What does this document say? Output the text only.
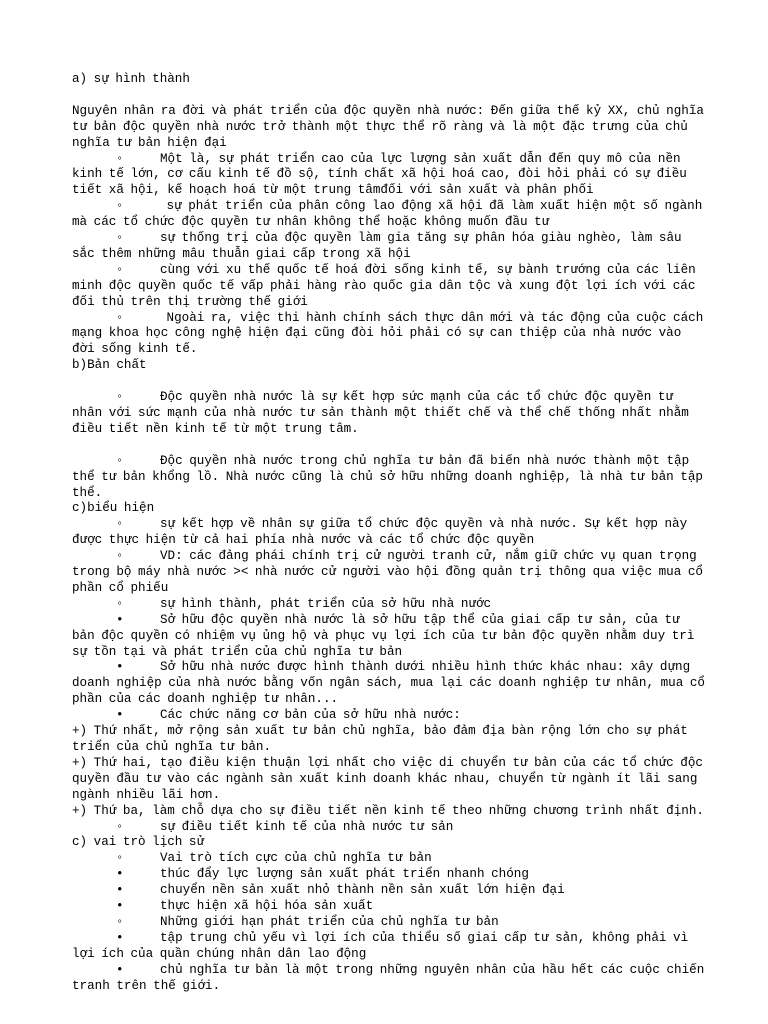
a) sự hình thành

Nguyên nhân ra đời và phát triển của độc quyền nhà nước: Đến giữa thế kỷ XX, chủ nghĩa tư bản độc quyền nhà nước trở thành một thực thể rõ ràng và là một đặc trưng của chủ nghĩa tư bản hiện đại

◦	Một là, sự phát triển cao của lực lượng sản xuất dẫn đến quy mô của nền kinh tế lớn, cơ cấu kinh tế đồ sộ, tính chất xã hội hoá cao, đòi hỏi phải có sự điều tiết xã hội, kế hoạch hoá từ một trung tâmđối với sản xuất và phân phối

◦	sự phát triển của phân công lao động xã hội đã làm xuất hiện một số ngành mà các tổ chức độc quyền tư nhân không thể hoặc không muốn đầu tư

◦	sự thống trị của độc quyền làm gia tăng sự phân hóa giàu nghèo, làm sâu sắc thêm những mâu thuẫn giai cấp trong xã hội

◦	cùng với xu thế quốc tế hoá đời sống kinh tế, sự bành trướng của các liên minh độc quyền quốc tế vấp phải hàng rào quốc gia dân tộc và xung đột lợi ích với các đối thủ trên thị trường thế giới

◦	Ngoài ra, việc thi hành chính sách thực dân mới và tác động của cuộc cách mạng khoa học công nghệ hiện đại cũng đòi hỏi phải có sự can thiệp của nhà nước vào đời sống kinh tế.

b)Bản chất

◦	Độc quyền nhà nước là sự kết hợp sức mạnh của các tổ chức độc quyền tư nhân với sức mạnh của nhà nước tư sản thành một thiết chế và thể chế thống nhất nhằm điều tiết nền kinh tế từ một trung tâm.

◦	Độc quyền nhà nước trong chủ nghĩa tư bản đã biến nhà nước thành một tập thể tư bản khổng lồ. Nhà nước cũng là chủ sở hữu những doanh nghiệp, là nhà tư bản tập thể.

c)biểu hiện

◦	sự kết hợp về nhân sự giữa tổ chức độc quyền và nhà nước. Sự kết hợp này được thực hiện từ cả hai phía nhà nước và các tổ chức độc quyền

◦	VD: các đảng phái chính trị cử người tranh cử, nắm giữ chức vụ quan trọng trong bộ máy nhà nước >< nhà nước cử người vào hội đồng quản trị thông qua việc mua cổ phần cổ phiếu

◦	sự hình thành, phát triển của sở hữu nhà nước

•	Sở hữu độc quyền nhà nước là sở hữu tập thể của giai cấp tư sản, của tư bản độc quyền có nhiệm vụ ủng hộ và phục vụ lợi ích của tư bản độc quyền nhằm duy trì sự tồn tại và phát triển của chủ nghĩa tư bản

•	Sở hữu nhà nước được hình thành dưới nhiều hình thức khác nhau: xây dựng doanh nghiệp của nhà nước bằng vốn ngân sách, mua lại các doanh nghiệp tư nhân, mua cổ phần của các doanh nghiệp tư nhân...

•	Các chức năng cơ bản của sở hữu nhà nước:

+) Thứ nhất, mở rộng sản xuất tư bản chủ nghĩa, bảo đảm địa bàn rộng lớn cho sự phát triển của chủ nghĩa tư bản.

+) Thứ hai, tạo điều kiện thuận lợi nhất cho việc di chuyển tư bản của các tổ chức độc quyền đầu tư vào các ngành sản xuất kinh doanh khác nhau, chuyển từ ngành ít lãi sang ngành nhiều lãi hơn.

+) Thứ ba, làm chỗ dựa cho sự điều tiết nền kinh tế theo những chương trình nhất định.

◦	sự điều tiết kinh tế của nhà nước tư sản

c) vai trò lịch sử

◦	Vai trò tích cực của chủ nghĩa tư bản

•	thúc đẩy lực lượng sản xuất phát triển nhanh chóng

•	chuyển nền sản xuất nhỏ thành nền sản xuất lớn hiện đại

•	thực hiện xã hội hóa sản xuất

◦	Những giới hạn phát triển của chủ nghĩa tư bản

•	tập trung chủ yếu vì lợi ích của thiểu số giai cấp tư sản, không phải vì lợi ích của quần chúng nhân dân lao động

•	chủ nghĩa tư bản là một trong những nguyên nhân của hầu hết các cuộc chiến tranh trên thế giới.
